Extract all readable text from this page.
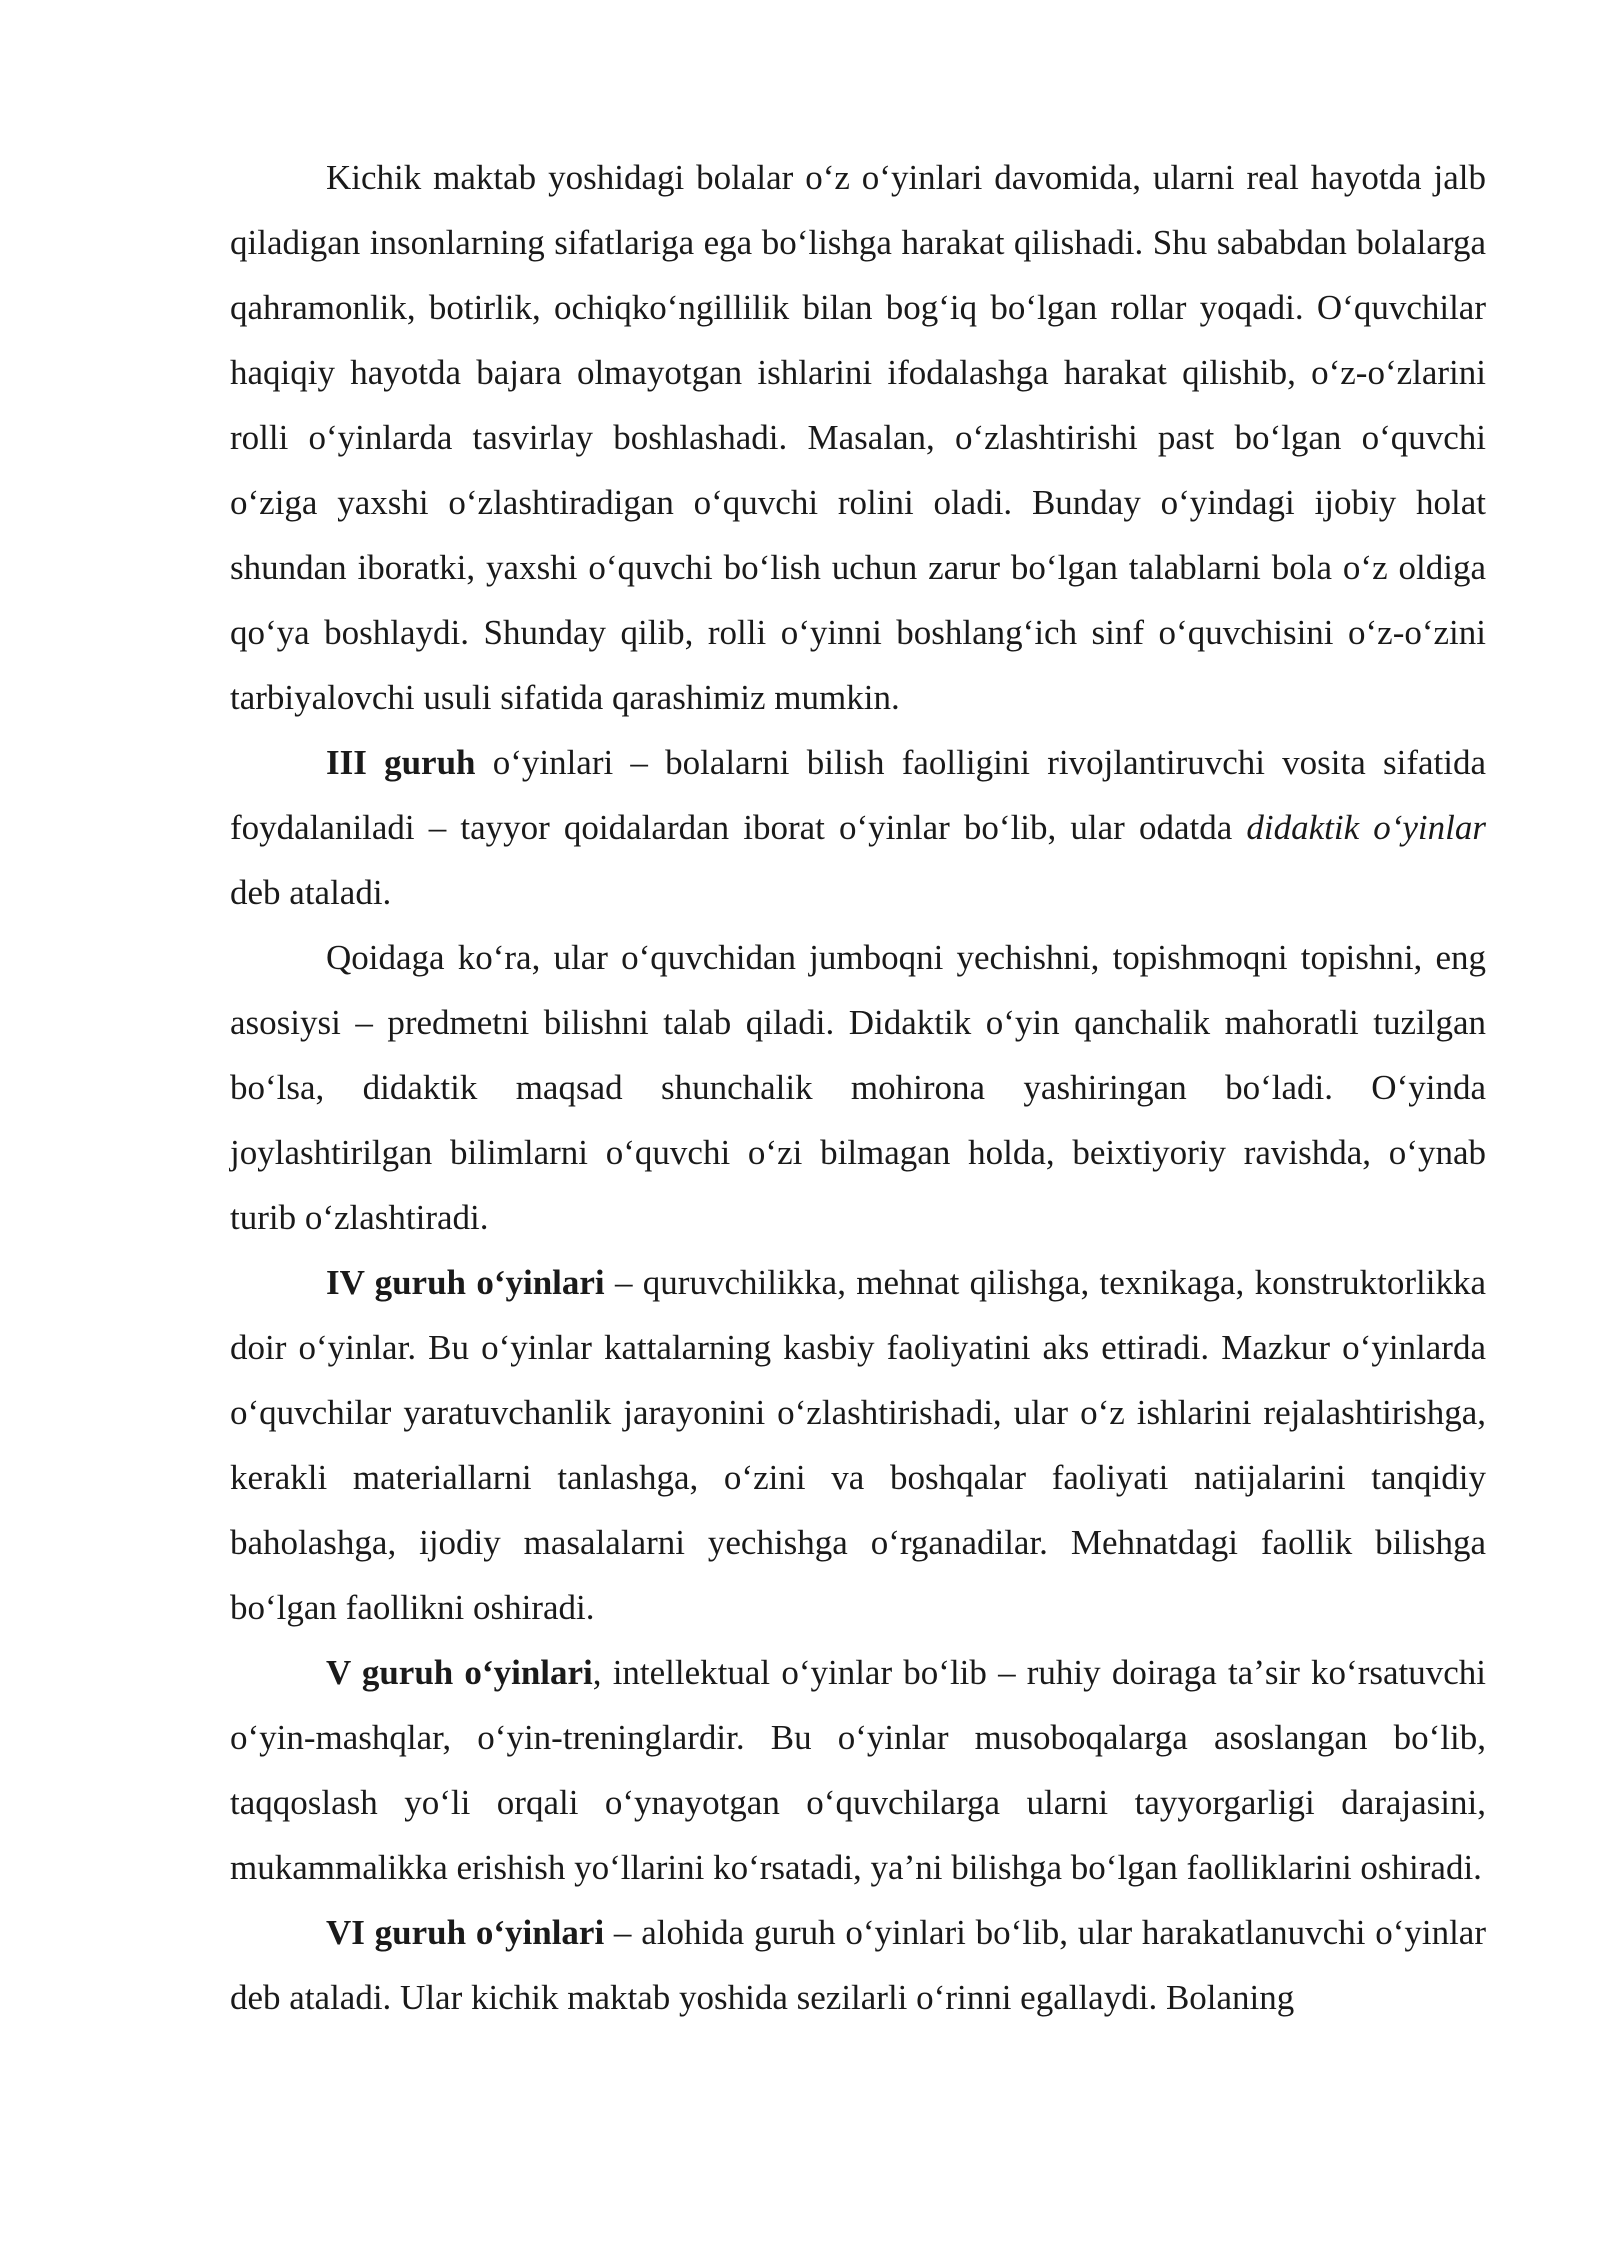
Kichik maktab yoshidagi bolalar oʻz oʻyinlari davomida, ularni real hayotda jalb qiladigan insonlarning sifatlariga ega boʻlishga harakat qilishadi. Shu sababdan bolalarga qahramonlik, botirlik, ochiqkoʻngillilik bilan bogʻiq boʻlgan rollar yoqadi. Oʻquvchilar haqiqiy hayotda bajara olmayotgan ishlarini ifodalashga harakat qilishib, oʻz-oʻzlarini rolli oʻyinlarda tasvirlay boshlashadi. Masalan, oʻzlashtirishi past boʻlgan oʻquvchi oʻziga yaxshi oʻzlashtiradigan oʻquvchi rolini oladi. Bunday oʻyindagi ijobiy holat shundan iboratki, yaxshi oʻquvchi boʻlish uchun zarur boʻlgan talablarni bola oʻz oldiga qoʻya boshlaydi. Shunday qilib, rolli oʻyinni boshlangʻich sinf oʻquvchisini oʻz-oʻzini tarbiyalovchi usuli sifatida qarashimiz mumkin.

III guruh oʻyinlari – bolalarni bilish faolligini rivojlantiruvchi vosita sifatida foydalaniladi – tayyor qoidalardan iborat oʻyinlar boʻlib, ular odatda didaktik oʻyinlar deb ataladi.

Qoidaga koʻra, ular oʻquvchidan jumboqni yechishni, topishmoqni topishni, eng asosiysi – predmetni bilishni talab qiladi. Didaktik oʻyin qanchalik mahoratli tuzilgan boʻlsa, didaktik maqsad shunchalik mohirona yashiringan boʻladi. Oʻyinda joylashtirilgan bilimlarni oʻquvchi oʻzi bilmagan holda, beixtiyoriy ravishda, oʻynab turib oʻzlashtiradi.

IV guruh oʻyinlari – quruvchilikka, mehnat qilishga, texnikaga, konstruktorlikka doir oʻyinlar. Bu oʻyinlar kattalarning kasbiy faoliyatini aks ettiradi. Mazkur oʻyinlarda oʻquvchilar yaratuvchanlik jarayonini oʻzlashtirishadi, ular oʻz ishlarini rejalashtirishga, kerakli materiallarni tanlashga, oʻzini va boshqalar faoliyati natijalarini tanqidiy baholashga, ijodiy masalalarni yechishga oʻrganadilar. Mehnatdagi faollik bilishga boʻlgan faollikni oshiradi.

V guruh oʻyinlari, intellektual oʻyinlar boʻlib – ruhiy doiraga taʼsir koʻrsatuvchi oʻyin-mashqlar, oʻyin-treninglardir. Bu oʻyinlar musoboqalarga asoslangan boʻlib, taqqoslash yoʻli orqali oʻynayotgan oʻquvchilarga ularni tayyorgarligi darajasini, mukammalikka erishish yoʻllarini koʻrsatadi, yaʼni bilishga boʻlgan faolliklarini oshiradi.

VI guruh oʻyinlari – alohida guruh oʻyinlari boʻlib, ular harakatlanuvchi oʻyinlar deb ataladi. Ular kichik maktab yoshida sezilarli oʻrinni egallaydi. Bolaning
